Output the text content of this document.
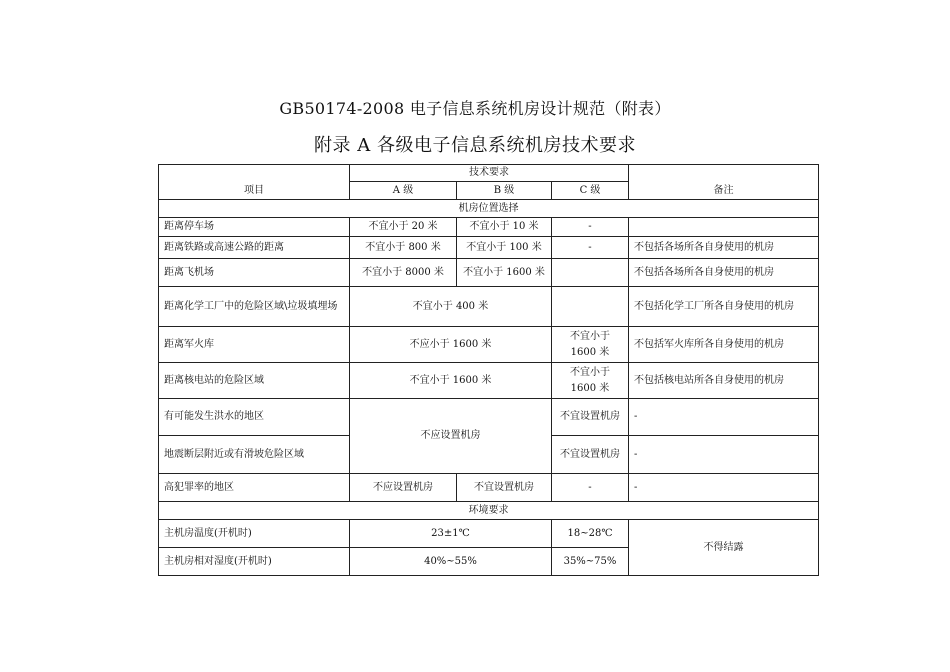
GB50174-2008 电子信息系统机房设计规范（附表）
附录 A 各级电子信息系统机房技术要求
项目	技术要求			备注
	A 级	B 级	C 级	
机房位置选择				
距离停车场	不宜小于 20 米	不宜小于 10 米	-	
距离铁路或高速公路的距离	不宜小于 800 米	不宜小于 100 米	-	不包括各场所各自身使用的机房
距离飞机场	不宜小于 8000 米	不宜小于 1600 米		不包括各场所各自身使用的机房
距离化学工厂中的危险区域\垃圾填埋场	不宜小于 400 米			不包括化学工厂所各自身使用的机房
距离军火库	不应小于 1600 米		不宜小于 1600 米	不包括军火库所各自身使用的机房
距离核电站的危险区域	不宜小于 1600 米		不宜小于 1600 米	不包括核电站所各自身使用的机房
有可能发生洪水的地区	不应设置机房		不宜设置机房	-
地震断层附近或有滑坡危险区域			不宜设置机房	-
高犯罪率的地区	不应设置机房	不宜设置机房	-	-
环境要求				
主机房温度(开机时)	23±1℃		18~28℃	不得结露
主机房相对湿度(开机时)	40%~55%		35%~75%	
